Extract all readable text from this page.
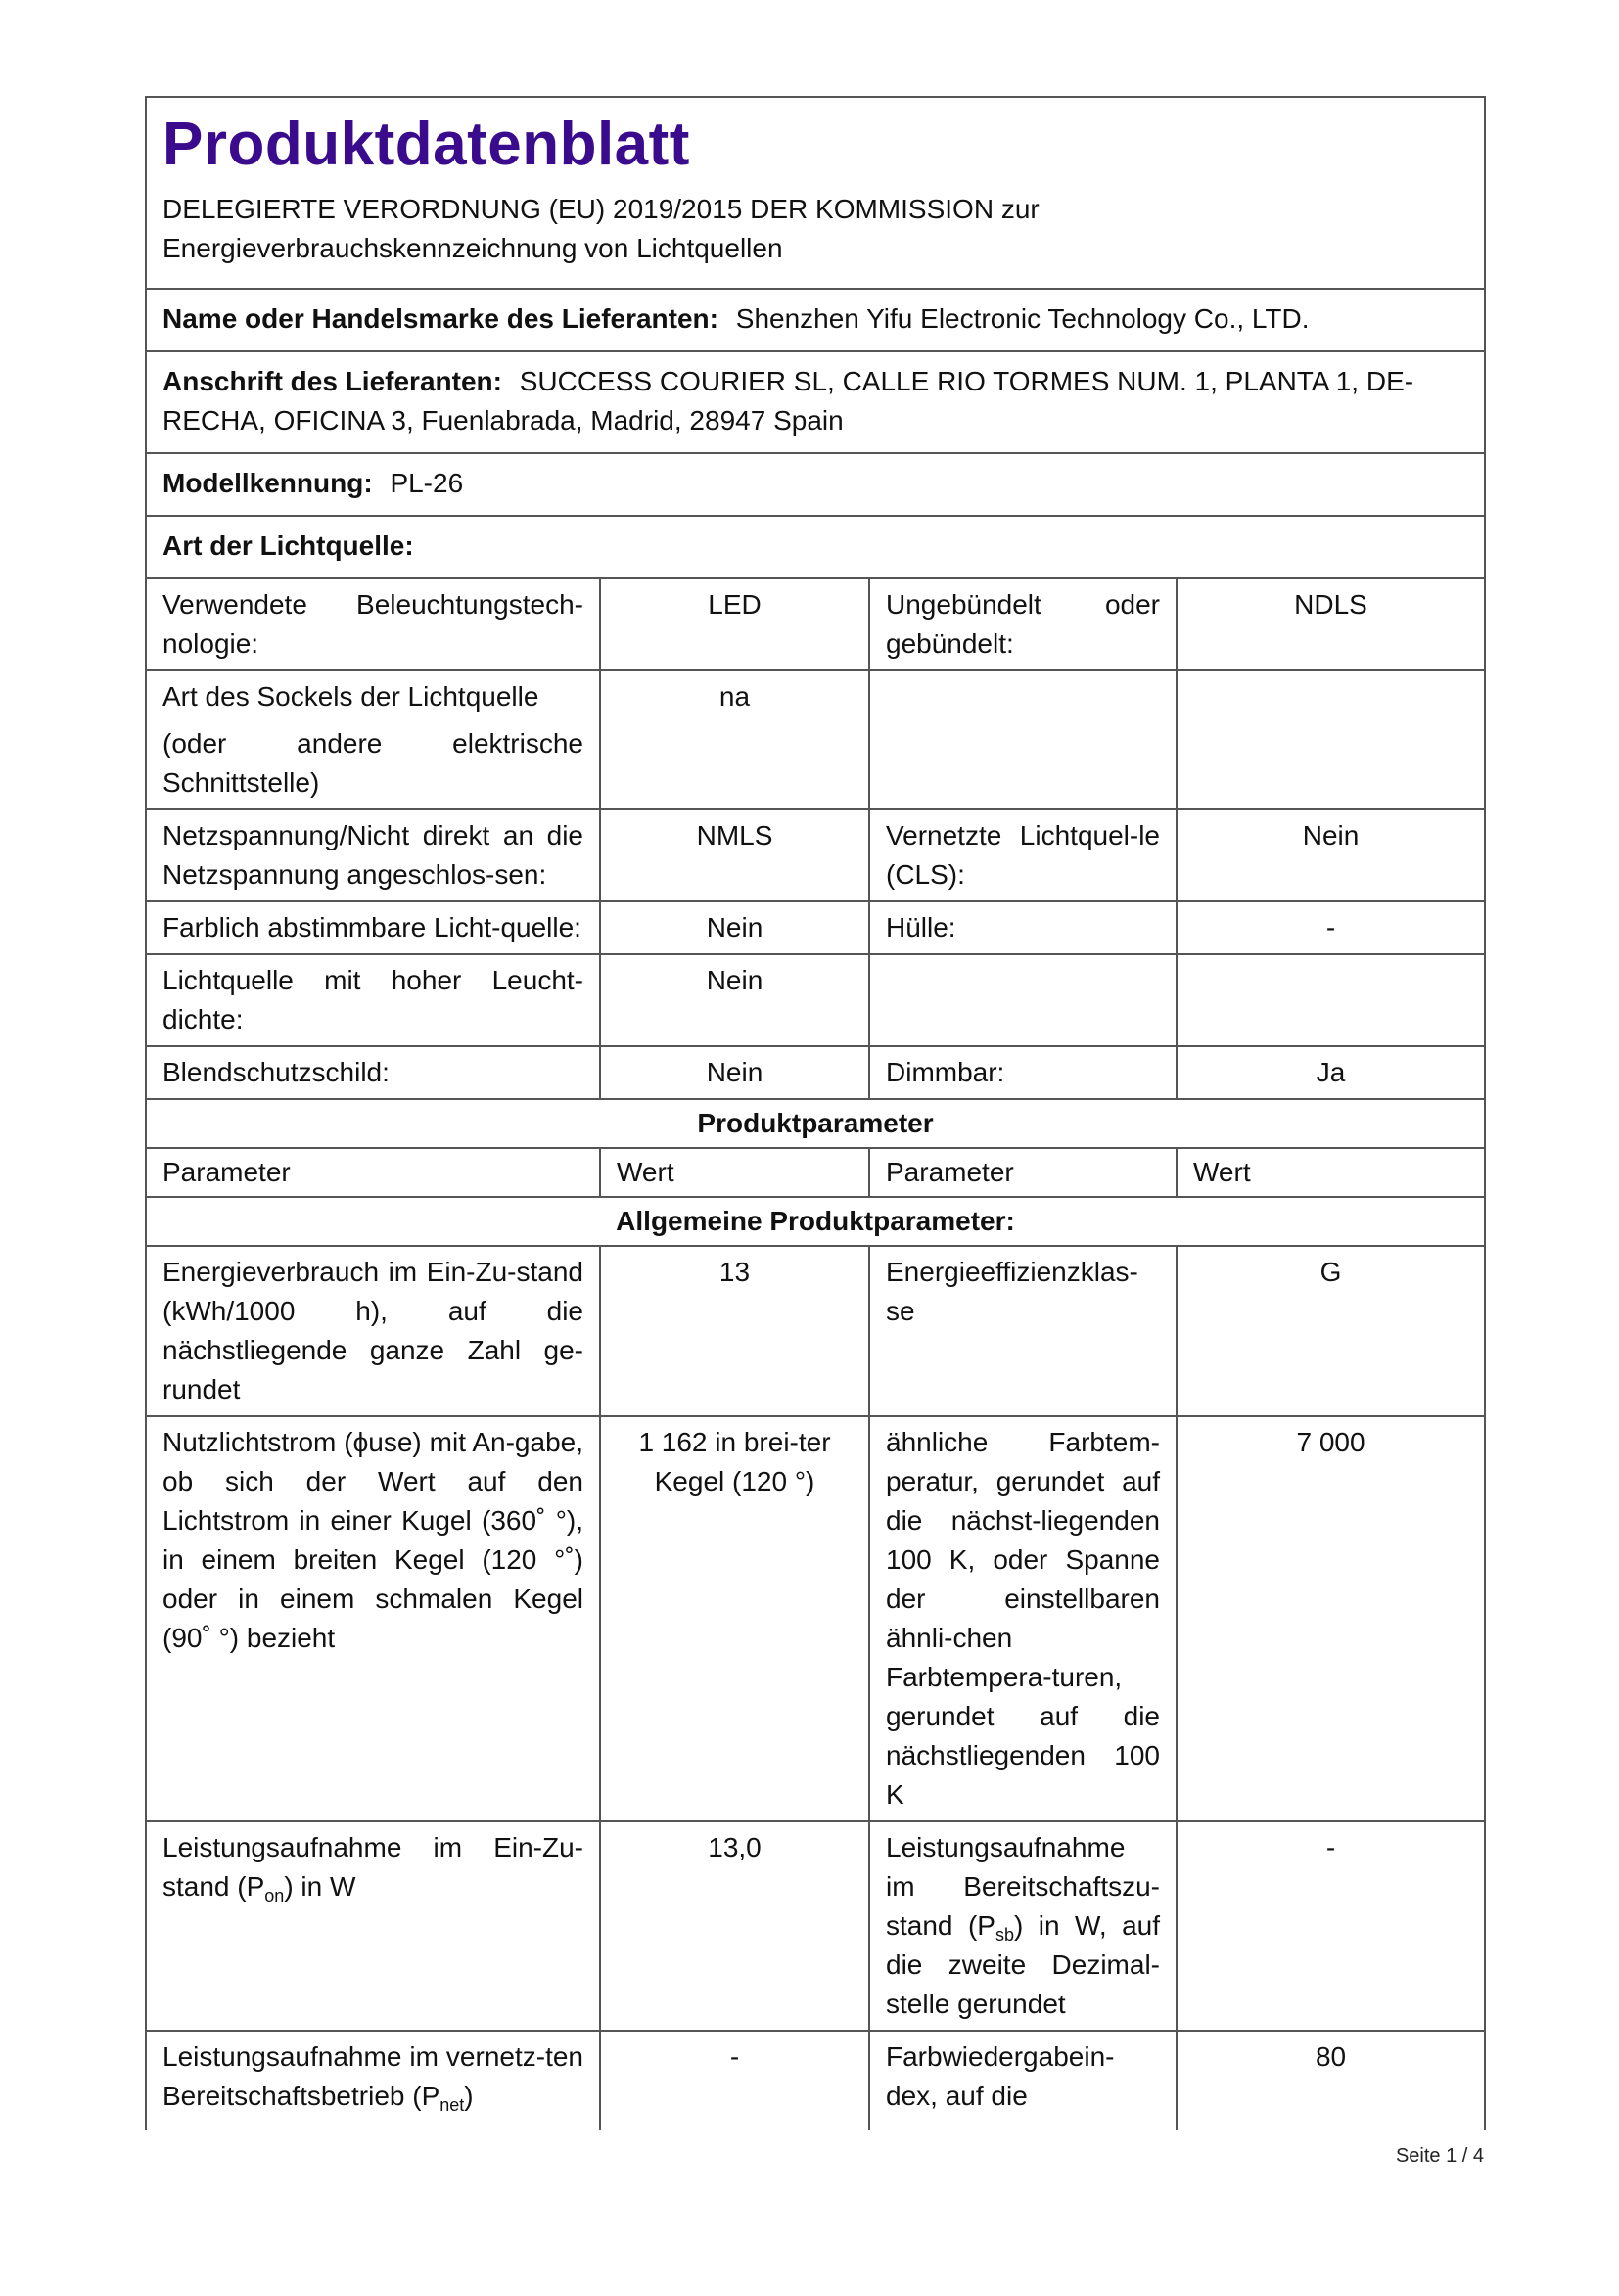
Produktdatenblatt
DELEGIERTE VERORDNUNG (EU) 2019/2015 DER KOMMISSION zur
Energieverbrauchskennzeichnung von Lichtquellen			

Name oder Handelsmarke des Lieferanten: Shenzhen Yifu Electronic Technology Co., LTD.			
Anschrift des Lieferanten: SUCCESS COURIER SL, CALLE RIO TORMES NUM. 1, PLANTA 1, DE-RECHA, OFICINA 3, Fuenlabrada, Madrid, 28947 Spain			
Modellkennung: PL-26			
Art der Lichtquelle:			
Verwendete Beleuchtungstech-nologie:	LED	Ungebündelt oder gebündelt:	NDLS

Art des Sockels der Lichtquelle
(oder andere elektrische Schnittstelle)	na		
Netzspannung/Nicht direkt an die Netzspannung angeschlos-sen:	NMLS	Vernetzte Lichtquel-le (CLS):	Nein
Farblich abstimmbare Licht-quelle:	Nein	Hülle:	-
Lichtquelle mit hoher Leucht-dichte:	Nein		
Blendschutzschild:	Nein	Dimmbar:	Ja
Produktparameter			
Parameter	Wert	Parameter	Wert
Allgemeine Produktparameter:			
Energieverbrauch im Ein-Zu-stand (kWh/1000 h), auf die nächstliegende ganze Zahl ge-rundet	13	Energieeffizienzklas-se	G
Nutzlichtstrom (ϕuse) mit An-gabe, ob sich der Wert auf den Lichtstrom in einer Kugel (360˚ °), in einem breiten Kegel (120 °˚) oder in einem schmalen Kegel (90˚ °) bezieht	1 162 in brei-ter Kegel (120 °)	ähnliche Farbtem-peratur, gerundet auf die nächst-liegenden 100 K, oder Spanne der einstellbaren ähnli-chen Farbtempera-turen, gerundet auf die nächstliegenden 100 K	7 000
Leistungsaufnahme im Ein-Zu-stand $(P_{on})$ in W	13,0	Leistungsaufnahme im Bereitschaftszu-stand $(P_{sb})$ in W, auf die zweite Dezimal-stelle gerundet	-
Leistungsaufnahme im vernetz-ten Bereitschaftsbetrieb $(P_{net})$	-	Farbwiedergabein-dex, auf die	80
Seite 1 / 4
